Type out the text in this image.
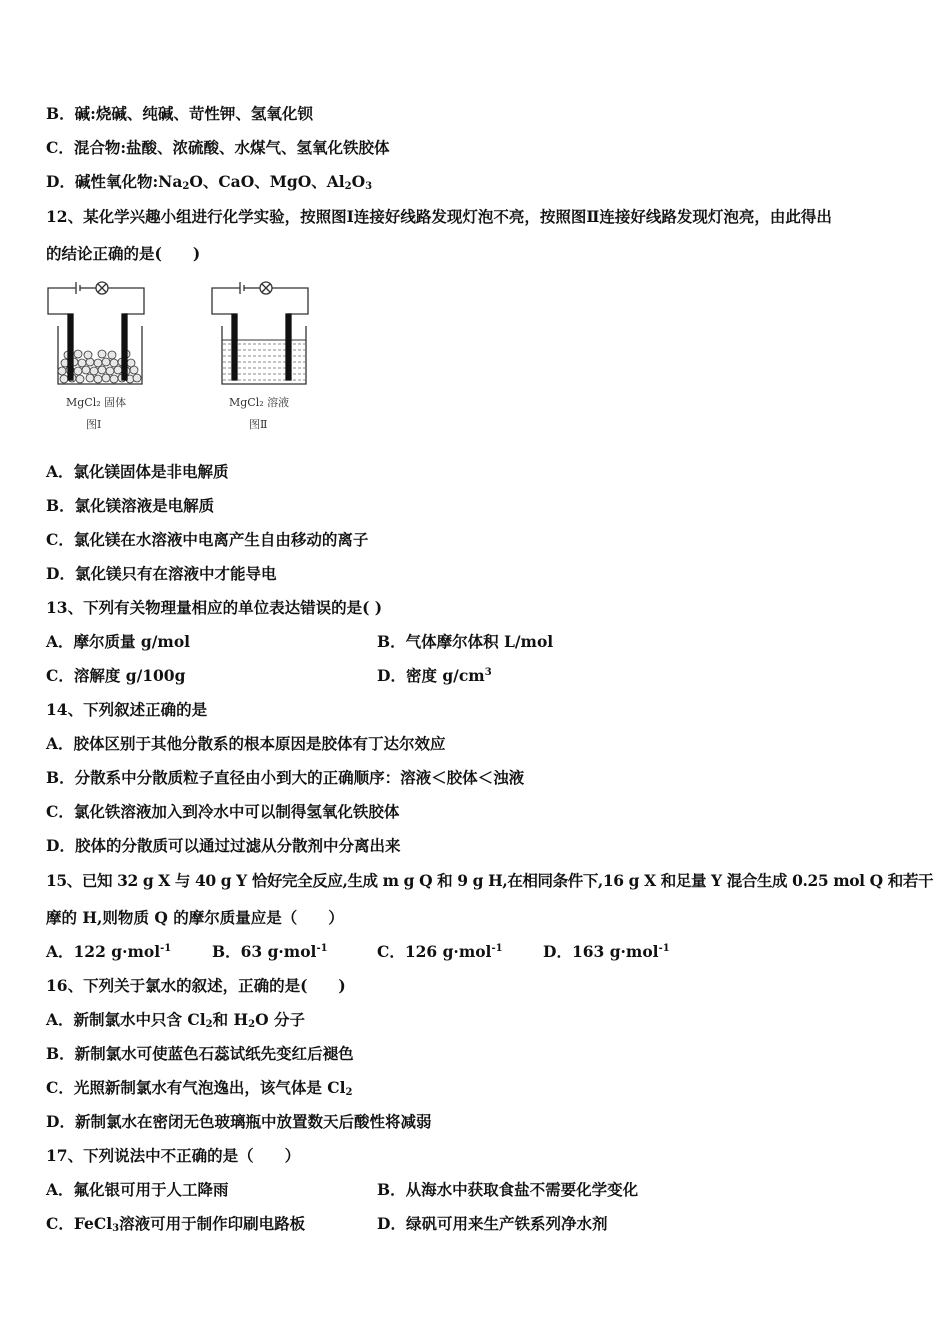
B．碱:烧碱、纯碱、苛性钾、氢氧化钡
C．混合物:盐酸、浓硫酸、水煤气、氢氧化铁胶体
D．碱性氧化物$:Na_2O$、CaO、MgO、$Al_2O_3$
12、某化学兴趣小组进行化学实验，按照图Ⅰ连接好线路发现灯泡不亮，按照图Ⅱ连接好线路发现灯泡亮，由此得出
的结论正确的是(　　)
MgCl₂ 固体
图Ⅰ
MgCl₂ 溶液
图Ⅱ
A．氯化镁固体是非电解质
B．氯化镁溶液是电解质
C．氯化镁在水溶液中电离产生自由移动的离子
D．氯化镁只有在溶液中才能导电
13、下列有关物理量相应的单位表达错误的是( )
A．摩尔质量 g/mol	B．气体摩尔体积 L/mol
C．溶解度 g/100g	D．密度 $g/cm^3$
14、下列叙述正确的是
A．胶体区别于其他分散系的根本原因是胶体有丁达尔效应
B．分散系中分散质粒子直径由小到大的正确顺序：溶液＜胶体＜浊液
C．氯化铁溶液加入到冷水中可以制得氢氧化铁胶体
D．胶体的分散质可以通过过滤从分散剂中分离出来
15、已知 32 g X 与 40 g Y 恰好完全反应,生成 m g Q 和 9 g H,在相同条件下,16 g X 和足量 Y 混合生成 0.25 mol Q 和若干
摩的 H,则物质 Q 的摩尔质量应是（　　）
A．122 g·mol$^{-1}$	B．63 g·mol$^{-1}$	C．126 g·mol$^{-1}$	D．163 g·mol$^{-1}$
16、下列关于氯水的叙述，正确的是(　　)
A．新制氯水中只含 $Cl_2$和 $H_2O$ 分子
B．新制氯水可使蓝色石蕊试纸先变红后褪色
C．光照新制氯水有气泡逸出，该气体是 $Cl_2$
D．新制氯水在密闭无色玻璃瓶中放置数天后酸性将减弱
17、下列说法中不正确的是（　　）
A．氟化银可用于人工降雨	B．从海水中获取食盐不需要化学变化
C．FeCl$_3$溶液可用于制作印刷电路板	D．绿矾可用来生产铁系列净水剂
